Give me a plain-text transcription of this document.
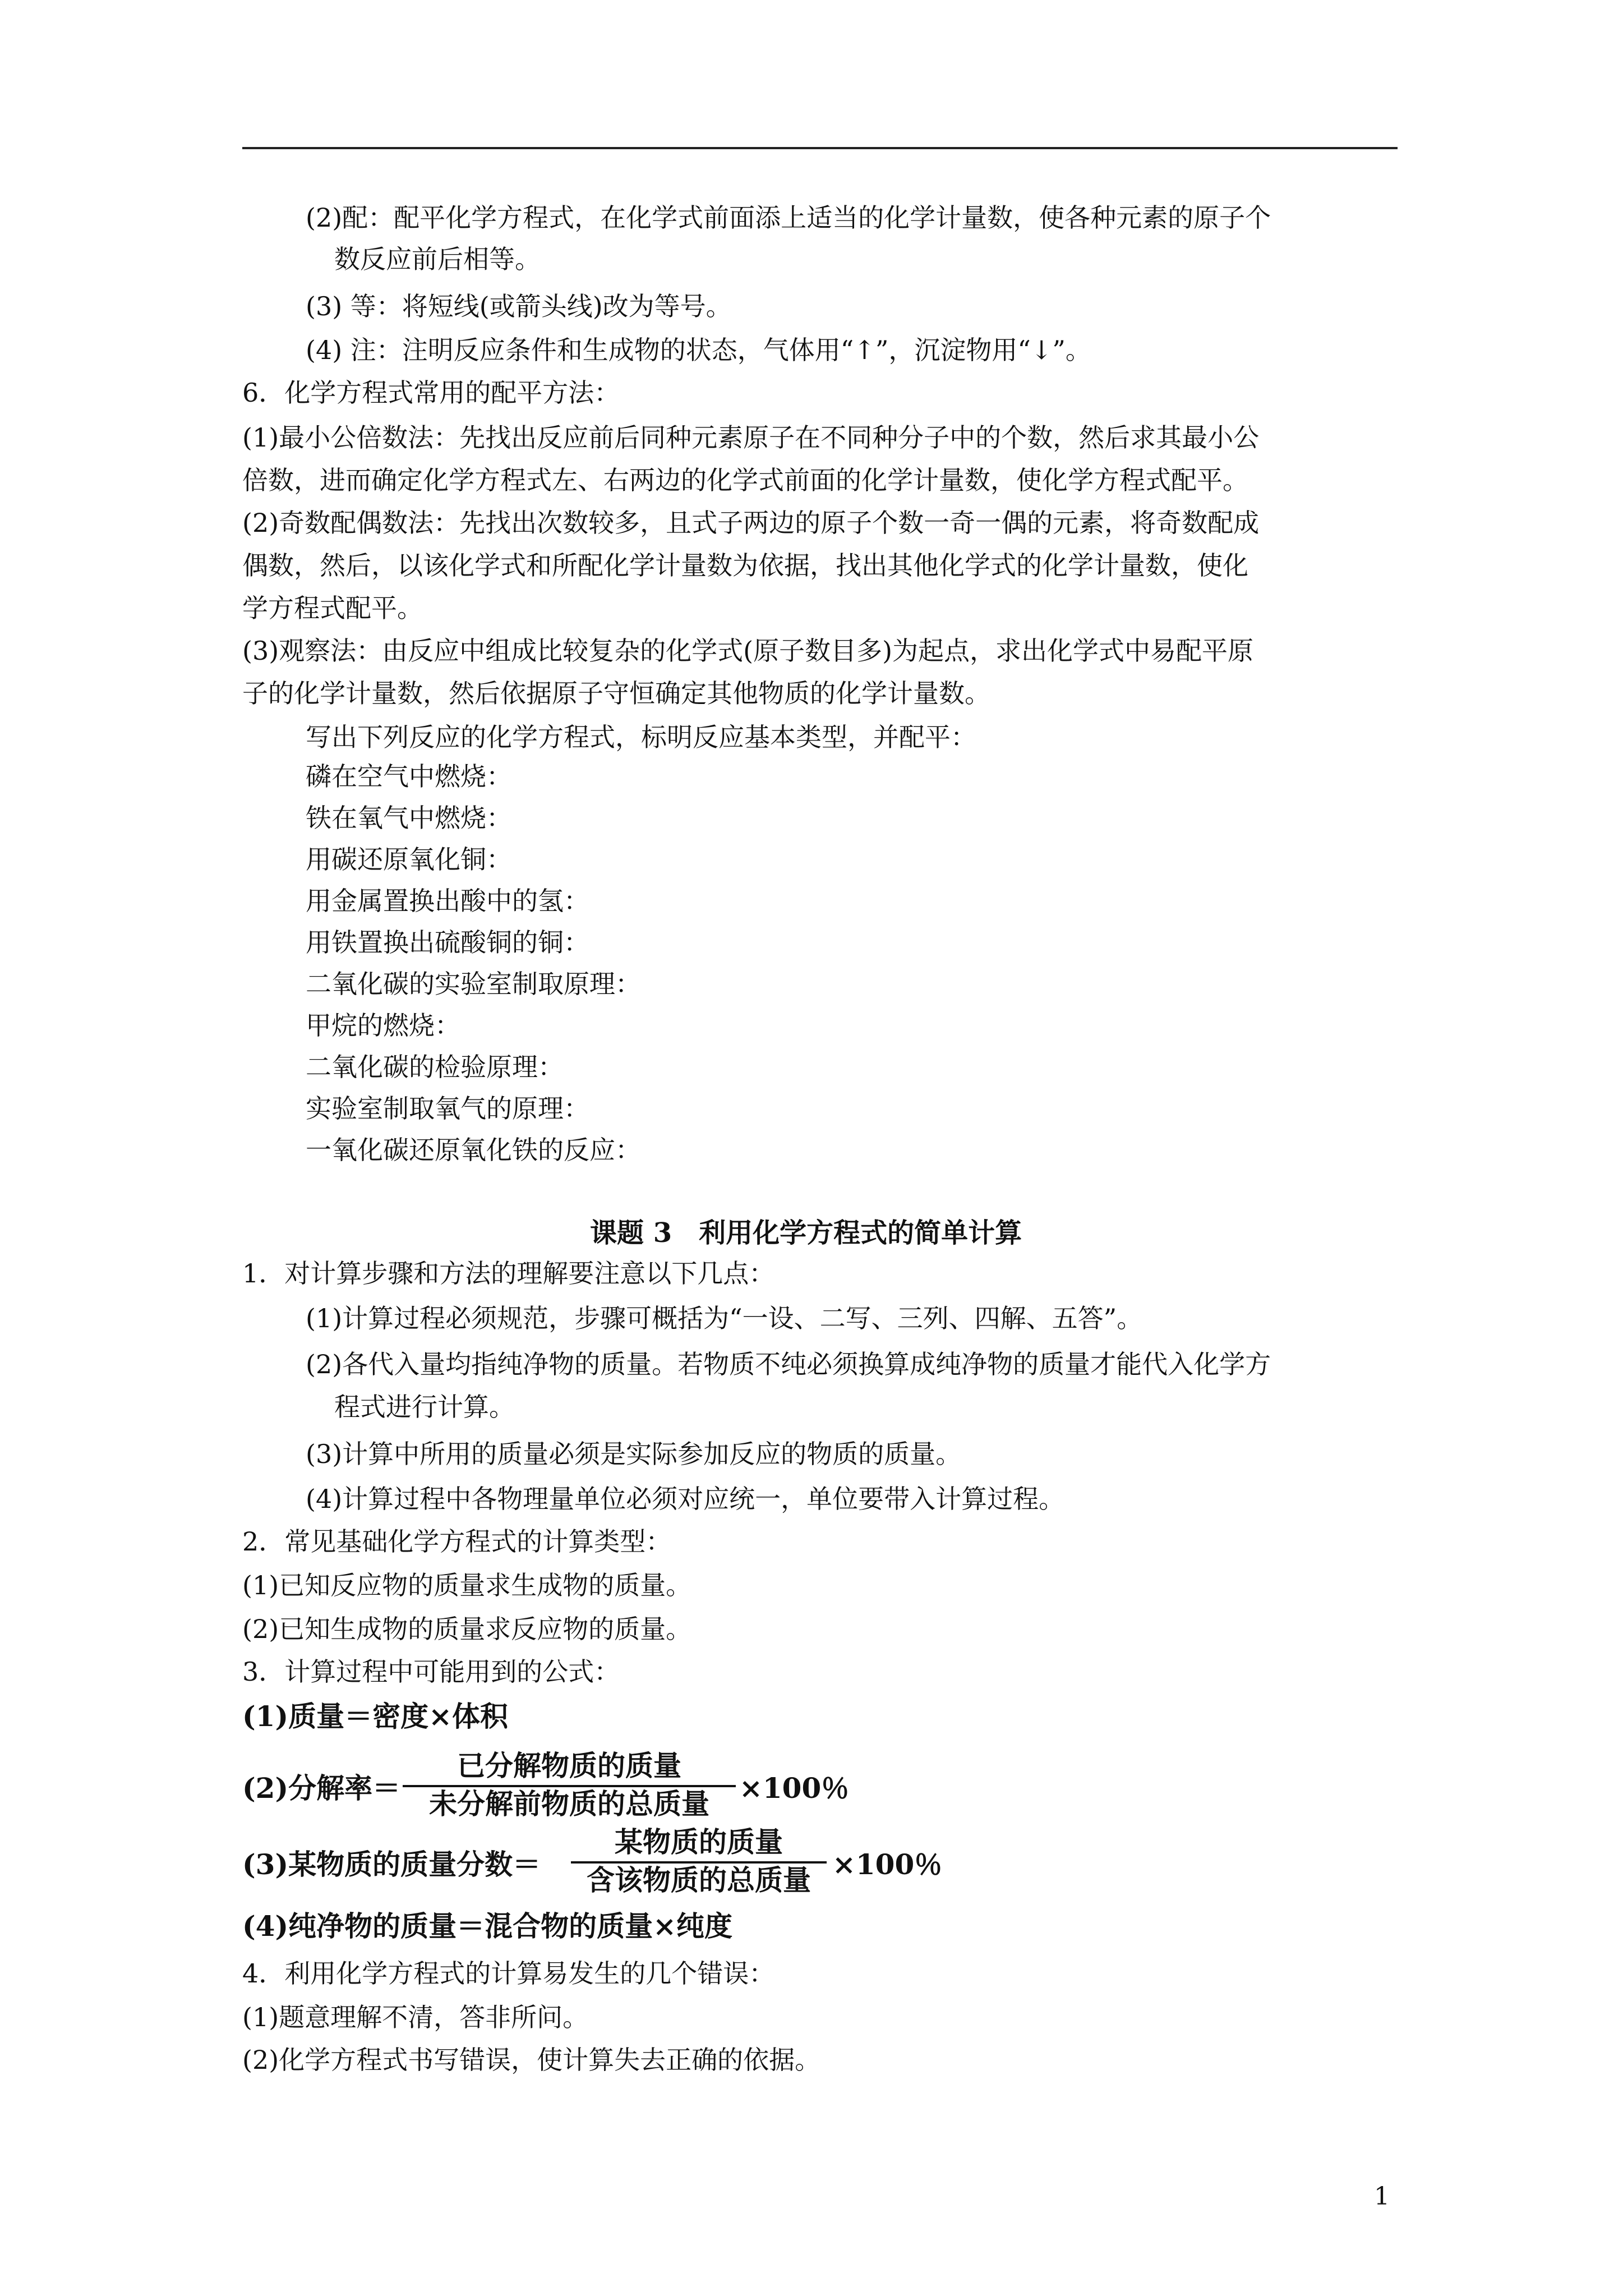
(2)配：配平化学方程式，在化学式前面添上适当的化学计量数，使各种元素的原子个
数反应前后相等。
(3) 等：将短线(或箭头线)改为等号。
(4) 注：注明反应条件和生成物的状态，气体用“↑”，沉淀物用“↓”。
6．化学方程式常用的配平方法：
(1)最小公倍数法：先找出反应前后同种元素原子在不同种分子中的个数，然后求其最小公
倍数，进而确定化学方程式左、右两边的化学式前面的化学计量数，使化学方程式配平。
(2)奇数配偶数法：先找出次数较多，且式子两边的原子个数一奇一偶的元素，将奇数配成
偶数，然后，以该化学式和所配化学计量数为依据，找出其他化学式的化学计量数，使化
学方程式配平。
(3)观察法：由反应中组成比较复杂的化学式(原子数目多)为起点，求出化学式中易配平原
子的化学计量数，然后依据原子守恒确定其他物质的化学计量数。
写出下列反应的化学方程式，标明反应基本类型，并配平：
磷在空气中燃烧：
铁在氧气中燃烧：
用碳还原氧化铜：
用金属置换出酸中的氢：
用铁置换出硫酸铜的铜：
二氧化碳的实验室制取原理：
甲烷的燃烧：
二氧化碳的检验原理：
实验室制取氧气的原理：
一氧化碳还原氧化铁的反应：
课题 3　利用化学方程式的简单计算
1．对计算步骤和方法的理解要注意以下几点：
(1)计算过程必须规范，步骤可概括为“一设、二写、三列、四解、五答”。
(2)各代入量均指纯净物的质量。若物质不纯必须换算成纯净物的质量才能代入化学方
程式进行计算。
(3)计算中所用的质量必须是实际参加反应的物质的质量。
(4)计算过程中各物理量单位必须对应统一，单位要带入计算过程。
2．常见基础化学方程式的计算类型：
(1)已知反应物的质量求生成物的质量。
(2)已知生成物的质量求反应物的质量。
3．计算过程中可能用到的公式：
(1)质量＝密度×体积
(2)分解率＝
已分解物质的质量
未分解前物质的总质量	×100％
(3)某物质的质量分数＝
某物质的质量
含该物质的总质量 ×100％
(4)纯净物的质量＝混合物的质量×纯度
4．利用化学方程式的计算易发生的几个错误：
(1)题意理解不清，答非所问。
(2)化学方程式书写错误，使计算失去正确的依据。
1
